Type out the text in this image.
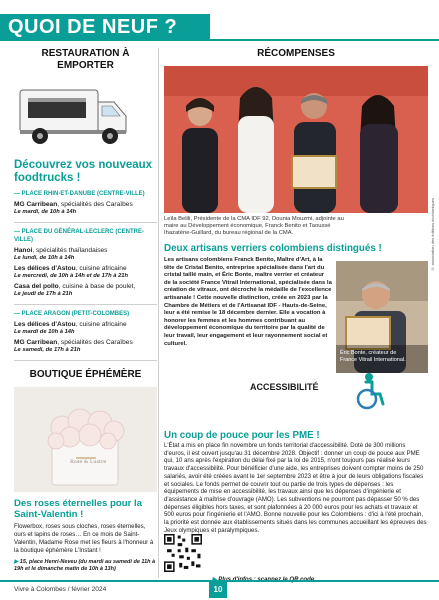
QUOI DE NEUF ?
RESTAURATION À EMPORTER
Découvrez vos nouveaux foodtrucks !
— PLACE RHIN-ET-DANUBE (CENTRE-VILLE)
MG Carribean, spécialités des Caraïbes
Le mardi, de 10h à 14h
— PLACE DU GÉNÉRAL-LECLERC (CENTRE-VILLE)
Hanoi, spécialités thaïlandaises
Le lundi, de 10h à 14h
Les délices d'Astou, cuisine africaine
Le mercredi, de 10h à 14h et de 17h à 21h
Casa del pollo, cuisine à base de poulet,
Le jeudi de 17h à 21h
— PLACE ARAGON (PETIT-COLOMBES)
Les délices d'Astou, cuisine africaine
Le mardi de 10h à 14h
MG Carribean, spécialités des Caraïbes
Le samedi, de 17h à 21h
BOUTIQUE ÉPHÉMÈRE
Rose & Lustre
Des roses éternelles pour la Saint-Valentin !
Flowerbox, roses sous cloches, roses éternelles, ours et lapins de roses… En ce mois de Saint-Valentin, Madame Rose met les fleurs à l'honneur à la boutique éphémère L'Instant !
▶ 15, place Henri-Neveu (du mardi au samedi de 11h à 19h et le dimanche matin de 10h à 13h)
RÉCOMPENSES
© association des éditions économiques
Leïla Belili, Présidente de la CMA IDF 92, Dounia Mouzmi, adjointe au maire au Développement économique, Franck Benito et Taoussé Ihazatène-Guillard, du bureau régional de la CMA.
Deux artisans verriers colombiens distingués !
Les artisans colombiens Franck Benito, Maître d'Art, à la tête de Cristal Benito, entreprise spécialisée dans l'art du cristal taillé main, et Éric Bonte, maître verrier et créateur de la société France Vitrail International, spécialisée dans la création de vitraux, ont décroché la médaille de l'excellence artisanale ! Cette nouvelle distinction, créée en 2023 par la Chambre de Métiers et de l'Artisanat IDF - Hauts-de-Seine, leur a été remise le 18 décembre dernier. Elle a vocation à honorer les femmes et les hommes contribuant au développement économique du territoire par la qualité de leur travail, leur engagement et leur rayonnement social et culturel.
Éric Bonte, créateur de France Vitrail International.
ACCESSIBILITÉ
Un coup de pouce pour les PME !
L'État a mis en place fin novembre un fonds territorial d'accessibilité. Doté de 300 millions d'euros, il est ouvert jusqu'au 31 décembre 2028. Objectif : donner un coup de pouce aux PME qui, 10 ans après l'expiration du délai fixé par la loi de 2015, n'ont toujours pas réalisé leurs travaux d'accessibilité. Pour bénéficier d'une aide, les entreprises doivent compter moins de 250 salariés, avoir été créées avant le 1er septembre 2023 et être à jour de leurs obligations fiscales et sociales. Le fonds permet de couvrir tout ou partie de trois types de dépenses : les équipements de mise en accessibilité, les travaux ainsi que les dépenses d'ingénierie et d'assistance à maîtrise d'ouvrage (AMO). Les subventions ne pourront pas dépasser 50 % des dépenses éligibles hors taxes, et sont plafonnées à 20 000 euros pour les achats et travaux et 500 euros pour l'ingénierie et l'AMO. Bonne nouvelle pour les Colombiens : d'ici à l'été prochain, la priorité est donnée aux établissements situés dans les communes accueillant les épreuves des Jeux olympiques et paralympiques.
Vivre à Colombes / février 2024	10
